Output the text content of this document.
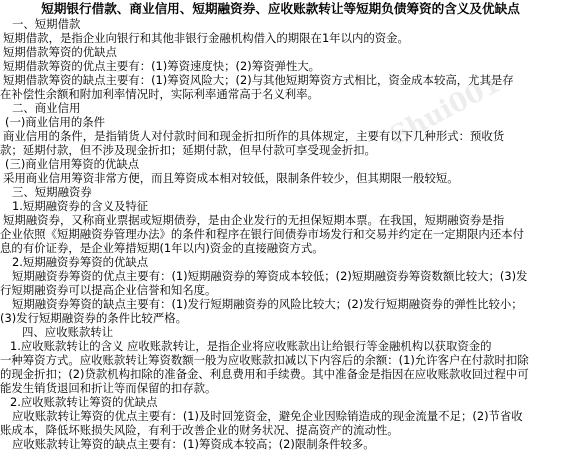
Shui001
短期银行借款、商业信用、短期融资券、应收账款转让等短期负债筹资的含义及优缺点
一、短期借款
短期借款，是指企业向银行和其他非银行金融机构借入的期限在1年以内的资金。
短期借款筹资的优缺点
短期借款筹资的优点主要有：(1)筹资速度快；(2)筹资弹性大。
短期借款筹资的缺点主要有：(1)筹资风险大；(2)与其他短期筹资方式相比，资金成本较高，尤其是存
在补偿性余额和附加利率情况时，实际利率通常高于名义利率。
二、商业信用
(一)商业信用的条件
商业信用的条件，是指销货人对付款时间和现金折扣所作的具体规定，主要有以下几种形式：预收货
款；延期付款，但不涉及现金折扣；延期付款，但早付款可享受现金折扣。
(三)商业信用筹资的优缺点
采用商业信用筹资非常方便，而且筹资成本相对较低，限制条件较少，但其期限一般较短。
三、短期融资券
1.短期融资券的含义及特征
短期融资券，又称商业票据或短期债券，是由企业发行的无担保短期本票。在我国，短期融资券是指
企业依照《短期融资券管理办法》的条件和程序在银行间债券市场发行和交易并约定在一定期限内还本付
息的有价证券，是企业筹措短期(1年以内)资金的直接融资方式。
2.短期融资券筹资的优缺点
短期融资券筹资的优点主要有：(1)短期融资券的筹资成本较低；(2)短期融资券筹资数额比较大；(3)发
行短期融资券可以提高企业信誉和知名度。
短期融资券筹资的缺点主要有：(1)发行短期融资券的风险比较大；(2)发行短期融资券的弹性比较小；
(3)发行短期融资券的条件比较严格。
四、应收账款转让
1.应收账款转让的含义 应收账款转让，是指企业将应收账款出让给银行等金融机构以获取资金的
一种筹资方式。应收账款转让筹资数额一般为应收账款扣减以下内容后的余额：(1)允许客户在付款时扣除
的现金折扣；(2)贷款机构扣除的准备金、利息费用和手续费。其中准备金是指因在应收账款收回过程中可
能发生销货退回和折让等而保留的扣存款。
2.应收账款转让筹资的优缺点
应收账款转让筹资的优点主要有：(1)及时回笼资金，避免企业因赊销造成的现金流量不足；(2)节省收
账成本，降低坏账损失风险，有利于改善企业的财务状况、提高资产的流动性。
应收账款转让筹资的缺点主要有：(1)筹资成本较高；(2)限制条件较多。
